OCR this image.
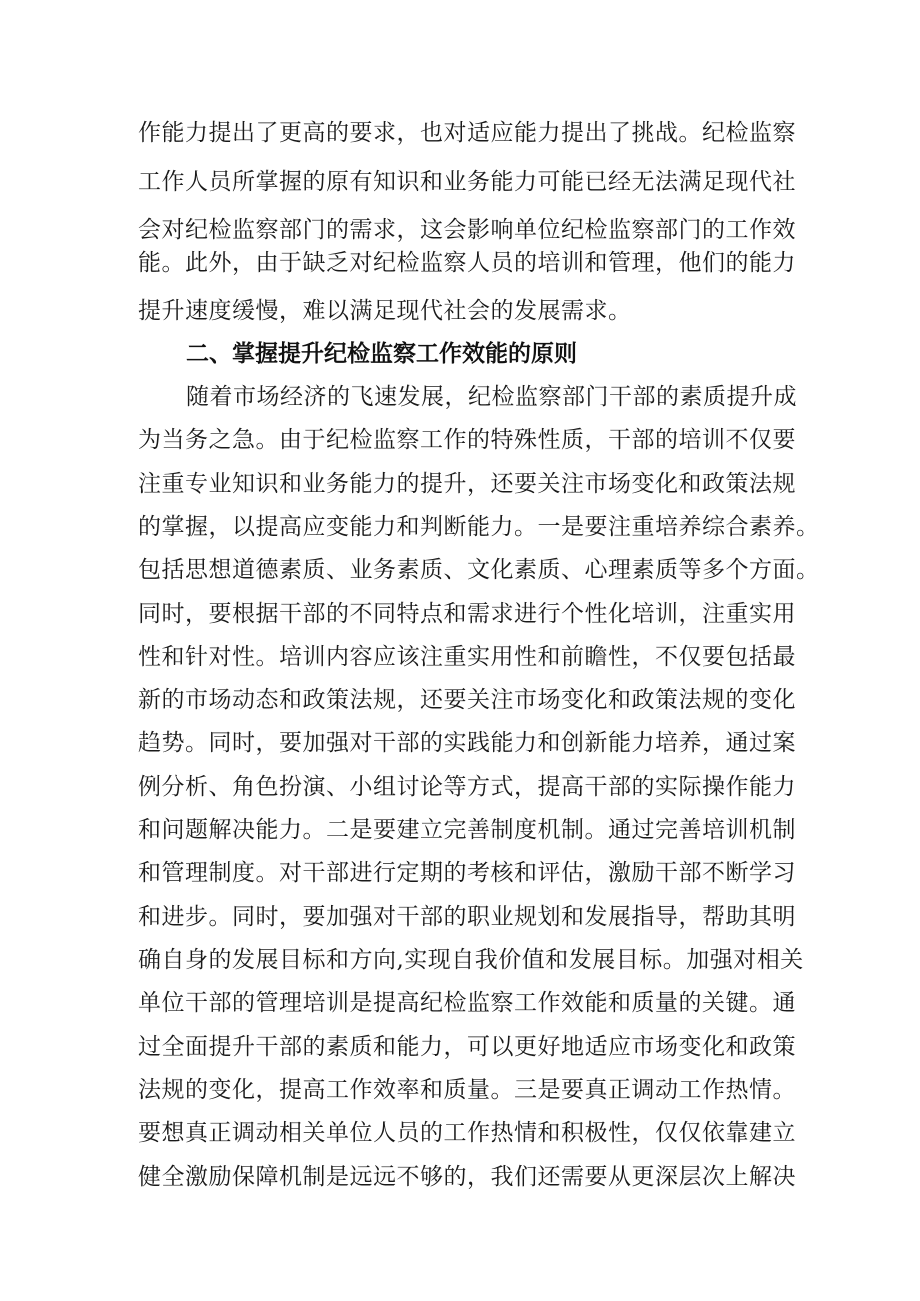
作能力提出了更高的要求，也对适应能力提出了挑战。纪检监察
工作人员所掌握的原有知识和业务能力可能已经无法满足现代社
会对纪检监察部门的需求，这会影响单位纪检监察部门的工作效
能。此外，由于缺乏对纪检监察人员的培训和管理，他们的能力
提升速度缓慢，难以满足现代社会的发展需求。
二、掌握提升纪检监察工作效能的原则
随着市场经济的飞速发展，纪检监察部门干部的素质提升成
为当务之急。由于纪检监察工作的特殊性质，干部的培训不仅要
注重专业知识和业务能力的提升，还要关注市场变化和政策法规
的掌握，以提高应变能力和判断能力。一是要注重培养综合素养。
包括思想道德素质、业务素质、文化素质、心理素质等多个方面。
同时，要根据干部的不同特点和需求进行个性化培训，注重实用
性和针对性。培训内容应该注重实用性和前瞻性，不仅要包括最
新的市场动态和政策法规，还要关注市场变化和政策法规的变化
趋势。同时，要加强对干部的实践能力和创新能力培养，通过案
例分析、角色扮演、小组讨论等方式，提高干部的实际操作能力
和问题解决能力。二是要建立完善制度机制。通过完善培训机制
和管理制度。对干部进行定期的考核和评估，激励干部不断学习
和进步。同时，要加强对干部的职业规划和发展指导，帮助其明
确自身的发展目标和方向,实现自我价值和发展目标。加强对相关
单位干部的管理培训是提高纪检监察工作效能和质量的关键。通
过全面提升干部的素质和能力，可以更好地适应市场变化和政策
法规的变化，提高工作效率和质量。三是要真正调动工作热情。
要想真正调动相关单位人员的工作热情和积极性，仅仅依靠建立
健全激励保障机制是远远不够的，我们还需要从更深层次上解决
